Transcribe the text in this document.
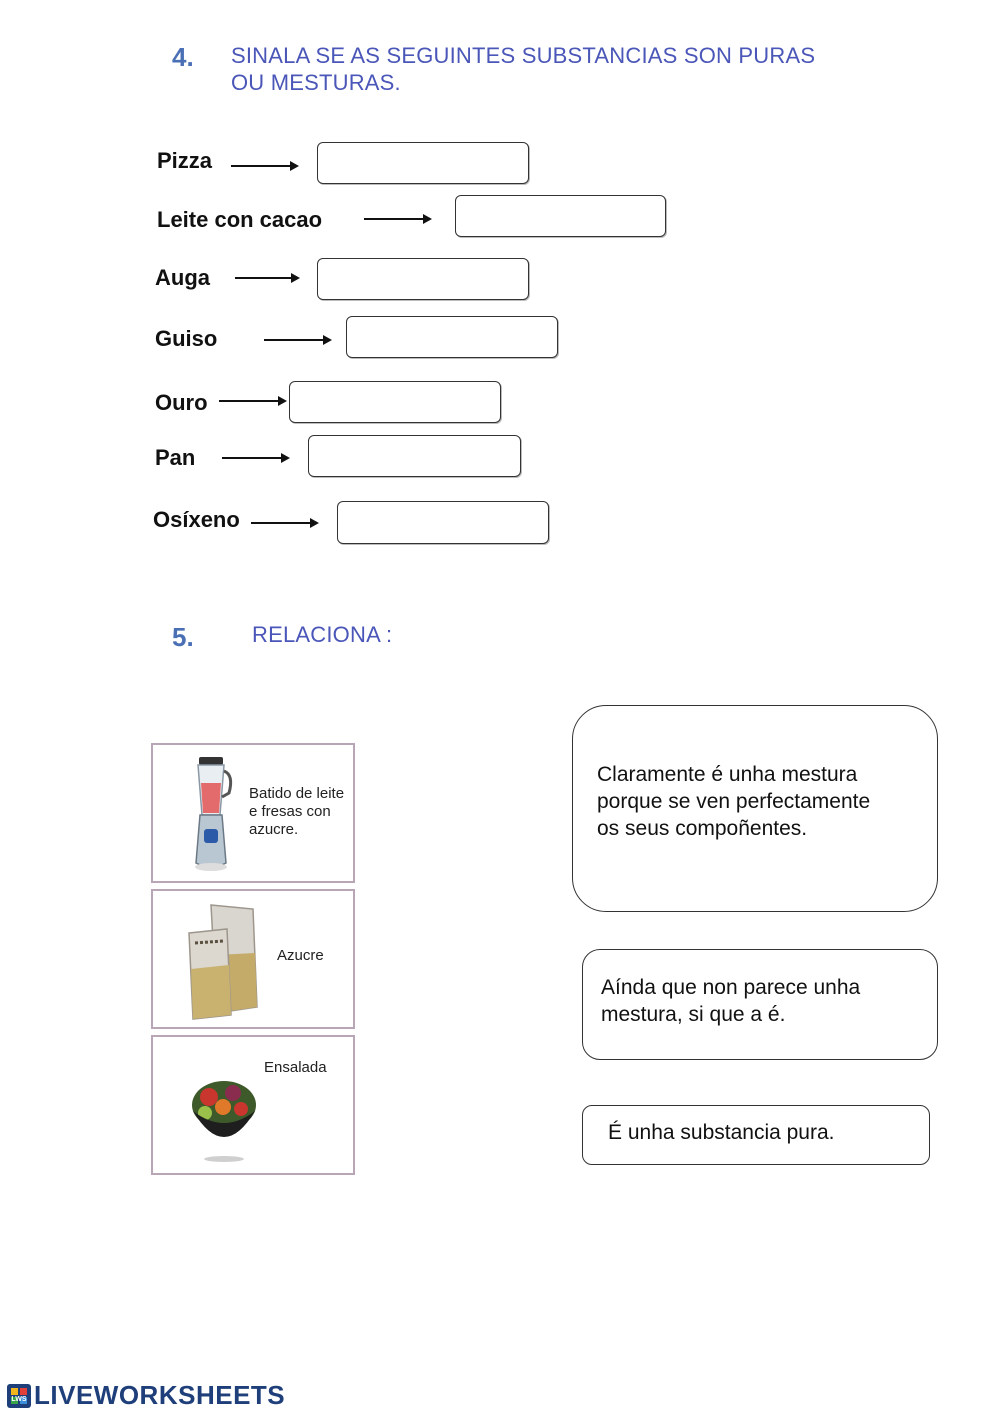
4. SINALA SE AS SEGUINTES SUBSTANCIAS SON PURAS
OU MESTURAS.
Pizza
Leite con cacao
Auga
Guiso
Ouro
Pan
Osíxeno
5.	RELACIONA :
Batido de leite
e fresas con
azucre.
Azucre
Ensalada
Claramente é unha mestura
porque se ven perfectamente
os seus compoñentes.
Aínda que non parece unha
mestura, si que a é.
É unha substancia pura.
LWS LIVEWORKSHEETS
